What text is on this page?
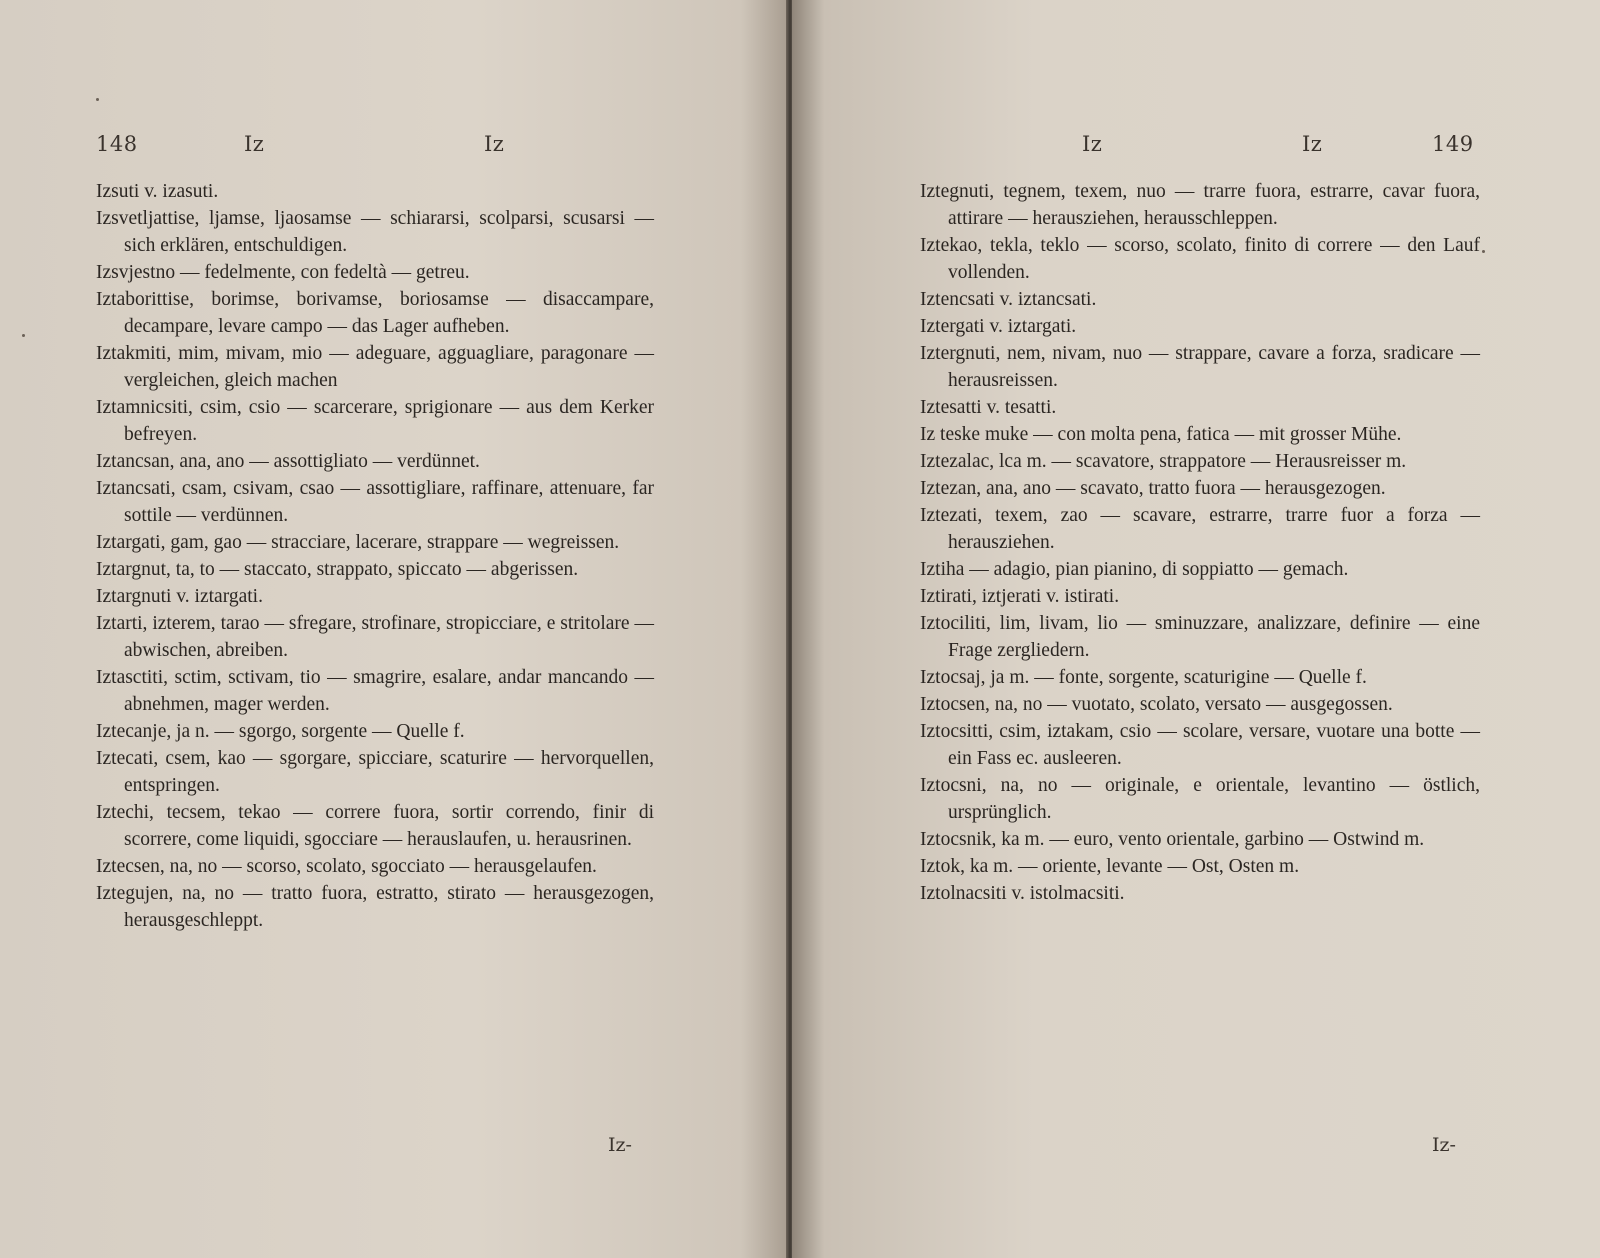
148	Iz	Iz

Izsuti v. izasuti.

Izsvetljattise, ljamse, ljaosamse — schiararsi, scolparsi, scusarsi — sich erklären, entschuldigen.

Izsvjestno — fedelmente, con fedeltà — getreu.

Iztaborittise, borimse, borivamse, boriosamse — disaccampare, decampare, levare campo — das Lager aufheben.

Iztakmiti, mim, mivam, mio — adeguare, agguagliare, paragonare — vergleichen, gleich machen

Iztamnicsiti, csim, csio — scarcerare, sprigionare — aus dem Kerker befreyen.

Iztancsan, ana, ano — assottigliato — verdünnet.

Iztancsati, csam, csivam, csao — assottigliare, raffinare, attenuare, far sottile — verdünnen.

Iztargati, gam, gao — stracciare, lacerare, strappare — wegreissen.

Iztargnut, ta, to — staccato, strappato, spiccato — abgerissen.

Iztargnuti v. iztargati.

Iztarti, izterem, tarao — sfregare, strofinare, stropicciare, e stritolare — abwischen, abreiben.

Iztasctiti, sctim, sctivam, tio — smagrire, esalare, andar mancando — abnehmen, mager werden.

Iztecanje, ja n. — sgorgo, sorgente — Quelle f.

Iztecati, csem, kao — sgorgare, spicciare, scaturire — hervorquellen, entspringen.

Iztechi, tecsem, tekao — correre fuora, sortir correndo, finir di scorrere, come liquidi, sgocciare — herauslaufen, u. herausrinen.

Iztecsen, na, no — scorso, scolato, sgocciato — herausgelaufen.

Iztegujen, na, no — tratto fuora, estratto, stirato — herausgezogen, herausgeschleppt.

Iz-
Iz	Iz	149

Iztegnuti, tegnem, texem, nuo — trarre fuora, estrarre, cavar fuora, attirare — herausziehen, herausschleppen.

Iztekao, tekla, teklo — scorso, scolato, finito di correre — den Lauf vollenden.

Iztencsati v. iztancsati.

Iztergati v. iztargati.

Iztergnuti, nem, nivam, nuo — strappare, cavare a forza, sradicare — herausreissen.

Iztesatti v. tesatti.

Iz teske muke — con molta pena, fatica — mit grosser Mühe.

Iztezalac, lca m. — scavatore, strappatore — Herausreisser m.

Iztezan, ana, ano — scavato, tratto fuora — herausgezogen.

Iztezati, texem, zao — scavare, estrarre, trarre fuor a forza — herausziehen.

Iztiha — adagio, pian pianino, di soppiatto — gemach.

Iztirati, iztjerati v. istirati.

Iztociliti, lim, livam, lio — sminuzzare, analizzare, definire — eine Frage zergliedern.

Iztocsaj, ja m. — fonte, sorgente, scaturigine — Quelle f.

Iztocsen, na, no — vuotato, scolato, versato — ausgegossen.

Iztocsitti, csim, iztakam, csio — scolare, versare, vuotare una botte — ein Fass ec. ausleeren.

Iztocsni, na, no — originale, e orientale, levantino — östlich, ursprünglich.

Iztocsnik, ka m. — euro, vento orientale, garbino — Ostwind m.

Iztok, ka m. — oriente, levante — Ost, Osten m.

Iztolnacsiti v. istolmacsiti.

Iz-
